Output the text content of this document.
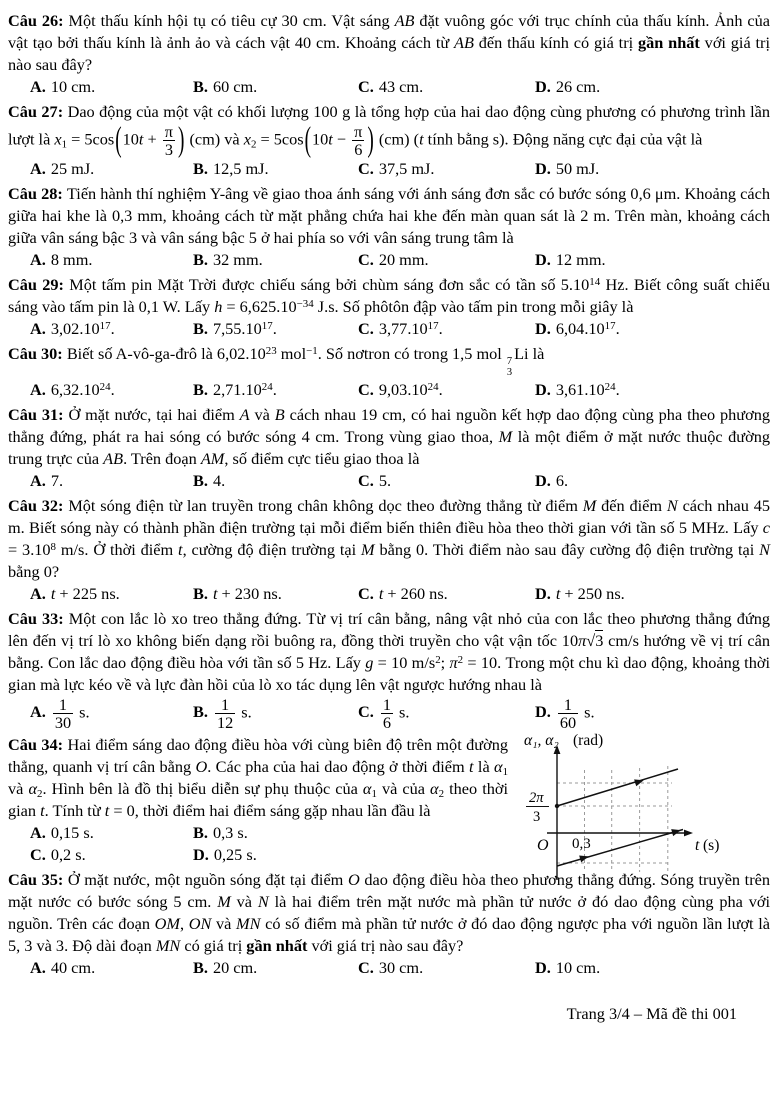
Câu 26: Một thấu kính hội tụ có tiêu cự 30 cm. Vật sáng AB đặt vuông góc với trục chính của thấu kính. Ảnh của vật tạo bởi thấu kính là ảnh ảo và cách vật 40 cm. Khoảng cách từ AB đến thấu kính có giá trị gần nhất với giá trị nào sau đây?

A. 10 cm.	B. 60 cm.	C. 43 cm.	D. 26 cm.

Câu 27: Dao động của một vật có khối lượng 100 g là tổng hợp của hai dao động cùng phương có phương trình lần lượt là $x_1 = 5\cos(10t + \frac{\pi}{3}$ ) (cm) và $x_2 = 5\cos(10t - \frac{\pi}{6}$ ) (cm) (t tính bằng s). Động năng cực đại của vật là

A. 25 mJ.	B. 12,5 mJ.	C. 37,5 mJ.	D. 50 mJ.

Câu 28: Tiến hành thí nghiệm Y-âng về giao thoa ánh sáng với ánh sáng đơn sắc có bước sóng 0,6 μm. Khoảng cách giữa hai khe là 0,3 mm, khoảng cách từ mặt phẳng chứa hai khe đến màn quan sát là 2 m. Trên màn, khoảng cách giữa vân sáng bậc 3 và vân sáng bậc 5 ở hai phía so với vân sáng trung tâm là

A. 8 mm.	B. 32 mm.	C. 20 mm.	D. 12 mm.

Câu 29: Một tấm pin Mặt Trời được chiếu sáng bởi chùm sáng đơn sắc có tần số 5.10$^{14}$ Hz. Biết công suất chiếu sáng vào tấm pin là 0,1 W. Lấy $h = 6,625.10^{-34}$ J.s. Số phôtôn đập vào tấm pin trong mỗi giây là

A. 3,02.10$^{17}$.	B. 7,55.10$^{17}$.	C. 3,77.10$^{17}$.	D. 6,04.10$^{17}$.

Câu 30: Biết số A-vô-ga-đrô là 6,02.10$^{23}$ mol$^{-1}$. Số nơtron có trong 1,5 mol 7
3
Li là

A. 6,32.10$^{24}$.	B. 2,71.10$^{24}$.	C. 9,03.10$^{24}$.	D. 3,61.10$^{24}$.

Câu 31: Ở mặt nước, tại hai điểm A và B cách nhau 19 cm, có hai nguồn kết hợp dao động cùng pha theo phương thẳng đứng, phát ra hai sóng có bước sóng 4 cm. Trong vùng giao thoa, M là một điểm ở mặt nước thuộc đường trung trực của AB. Trên đoạn AM, số điểm cực tiểu giao thoa là

A. 7.	B. 4.	C. 5.	D. 6.

Câu 32: Một sóng điện từ lan truyền trong chân không dọc theo đường thẳng từ điểm M đến điểm N cách nhau 45 m. Biết sóng này có thành phần điện trường tại mỗi điểm biến thiên điều hòa theo thời gian với tần số 5 MHz. Lấy $c = 3.10^8$ m/s. Ở thời điểm t, cường độ điện trường tại M bằng 0. Thời điểm nào sau đây cường độ điện trường tại N bằng 0?

A. t + 225 ns.	B. t + 230 ns.	C. t + 260 ns.	D. t + 250 ns.

Câu 33: Một con lắc lò xo treo thẳng đứng. Từ vị trí cân bằng, nâng vật nhỏ của con lắc theo phương thẳng đứng lên đến vị trí lò xo không biến dạng rồi buông ra, đồng thời truyền cho vật vận tốc 10π√3 cm/s hướng về vị trí cân bằng. Con lắc dao động điều hòa với tần số 5 Hz. Lấy g = 10 $m/s^2$; $\pi^2 = 10$. Trong một chu kì dao động, khoảng thời gian mà lực kéo về và lực đàn hồi của lò xo tác dụng lên vật ngược hướng nhau là

A. $\frac{1}{30} s$.	B. $\frac{1}{12} s$.	C. $\frac{1}{6} s$.	D. $\frac{1}{60} s$.

Câu 34: Hai điểm sáng dao động điều hòa với cùng biên độ trên một đường thẳng, quanh vị trí cân bằng O. Các pha của hai dao động ở thời điểm t là $\alpha_1$ và $\alpha_2$. Hình bên là đồ thị biểu diễn sự phụ thuộc của $\alpha_1$ và của $\alpha_2$ theo thời gian t. Tính từ t = 0, thời điểm hai điểm sáng gặp nhau lần đầu là

α₁, α₂ (rad)
2π
3
O 0,3	t (s)
A. 0,15 s.	B. 0,3 s.
C. 0,2 s.	D. 0,25 s.

Câu 35: Ở mặt nước, một nguồn sóng đặt tại điểm O dao động điều hòa theo phương thẳng đứng. Sóng truyền trên mặt nước có bước sóng 5 cm. M và N là hai điểm trên mặt nước mà phần tử nước ở đó dao động cùng pha với nguồn. Trên các đoạn OM, ON và MN có số điểm mà phần tử nước ở đó dao động ngược pha với nguồn lần lượt là 5, 3 và 3. Độ dài đoạn MN có giá trị gần nhất với giá trị nào sau đây?

A. 40 cm.	B. 20 cm.	C. 30 cm.	D. 10 cm.
Trang 3/4 – Mã đề thi 001
